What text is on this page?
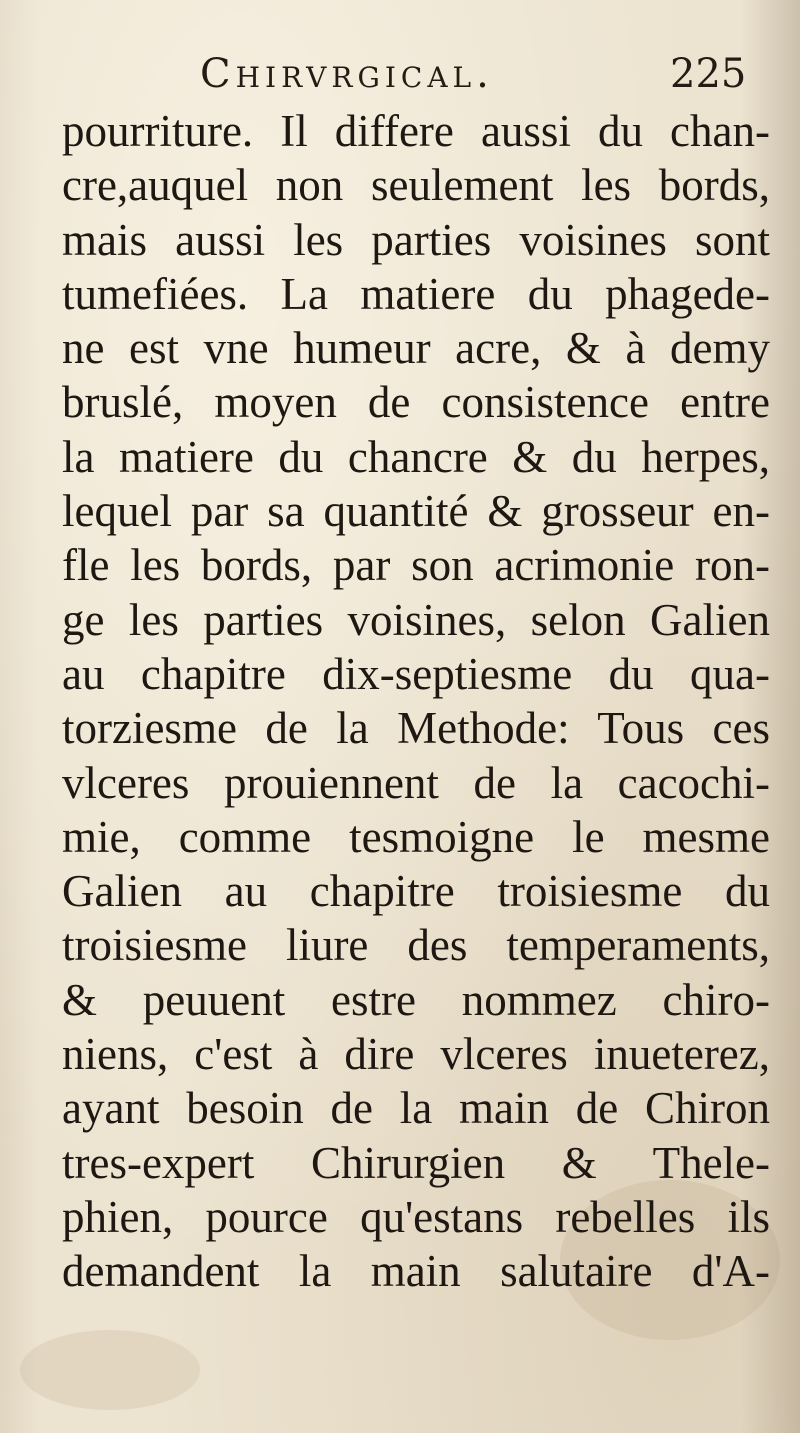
Chirvrgical.	225
pourriture. Il differe aussi du chan-
cre,auquel non seulement les bords,
mais aussi les parties voisines sont
tumefiées. La matiere du phagede-
ne est vne humeur acre, & à demy
bruslé, moyen de consistence entre
la matiere du chancre & du herpes,
lequel par sa quantité & grosseur en-
fle les bords, par son acrimonie ron-
ge les parties voisines, selon Galien
au chapitre dix-septiesme du qua-
torziesme de la Methode: Tous ces
vlceres prouiennent de la cacochi-
mie, comme tesmoigne le mesme
Galien au chapitre troisiesme du
troisiesme liure des temperaments,
& peuuent estre nommez chiro-
niens, c'est à dire vlceres inueterez,
ayant besoin de la main de Chiron
tres-expert Chirurgien & Thele-
phien, pource qu'estans rebelles ils
demandent la main salutaire d'A-
